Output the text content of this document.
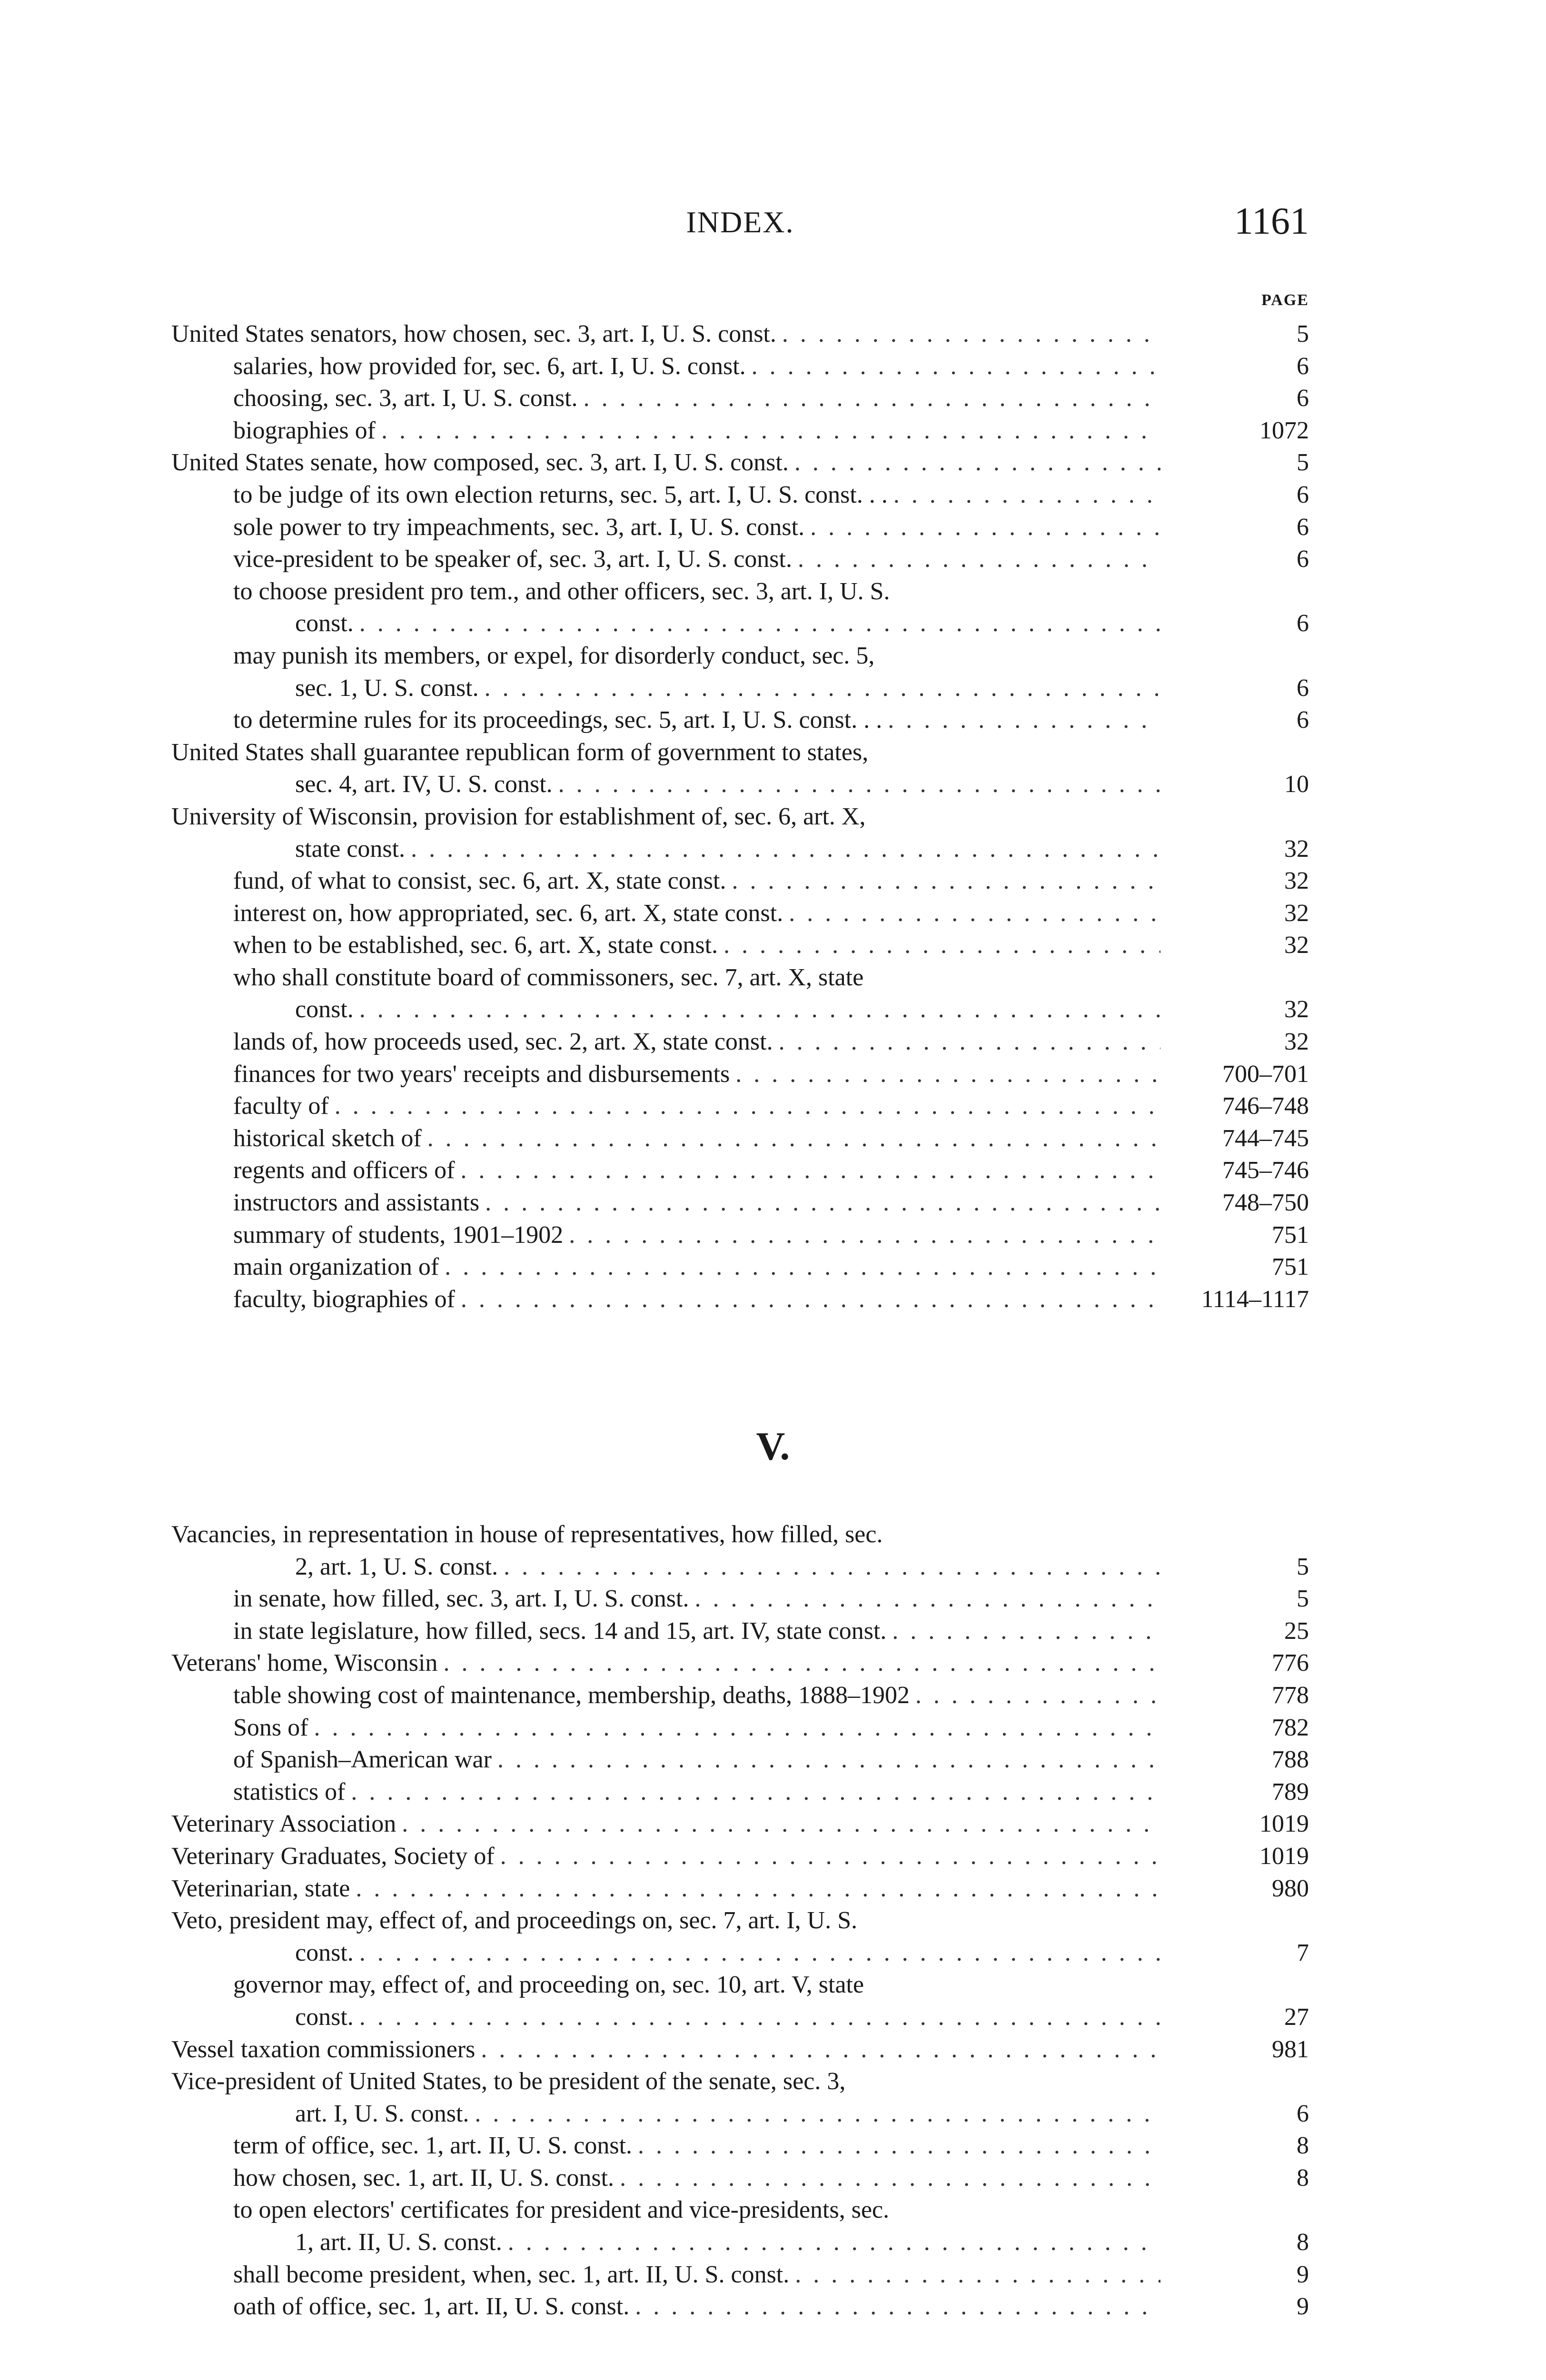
INDEX.	1161
PAGE
United States senators, how chosen, sec. 3, art. I, U. S. const. . . .	5
salaries, how provided for, sec. 6, art. I, U. S. const. . . .	6
choosing, sec. 3, art. I, U. S. const. . . .	6
biographies of . . .	1072
United States senate, how composed, sec. 3, art. I, U. S. const. . . .	5
to be judge of its own election returns, sec. 5, art. I, U. S. const. . . . . .	6
sole power to try impeachments, sec. 3, art. I, U. S. const. . . .	6
vice-president to be speaker of, sec. 3, art. I, U. S. const. . . .	6
to choose president pro tem., and other officers, sec. 3, art. I, U. S.
const. . . .	6
may punish its members, or expel, for disorderly conduct, sec. 5,
sec. 1, U. S. const. . . .	6
to determine rules for its proceedings, sec. 5, art. I, U. S. const. . . . . .	6
United States shall guarantee republican form of government to states,
sec. 4, art. IV, U. S. const. . . .	10
University of Wisconsin, provision for establishment of, sec. 6, art. X,
state const. . . .	32
fund, of what to consist, sec. 6, art. X, state const. . . .	32
interest on, how appropriated, sec. 6, art. X, state const. . . .	32
when to be established, sec. 6, art. X, state const. . . .	32
who shall constitute board of commissoners, sec. 7, art. X, state
const. . . .	32
lands of, how proceeds used, sec. 2, art. X, state const. . . .	32
finances for two years' receipts and disbursements . . .	700–701
faculty of . . .	746–748
historical sketch of . . .	744–745
regents and officers of . . .	745–746
instructors and assistants . . .	748–750
summary of students, 1901–1902 . . .	751
main organization of . . .	751
faculty, biographies of . . .	1114–1117
V.
Vacancies, in representation in house of representatives, how filled, sec.
2, art. 1, U. S. const. . . .	5
in senate, how filled, sec. 3, art. I, U. S. const. . . .	5
in state legislature, how filled, secs. 14 and 15, art. IV, state const. . . .	25
Veterans' home, Wisconsin . . .	776
table showing cost of maintenance, membership, deaths, 1888–1902 . . .	778
Sons of . . .	782
of Spanish–American war . . .	788
statistics of . . .	789
Veterinary Association . . .	1019
Veterinary Graduates, Society of . . .	1019
Veterinarian, state . . .	980
Veto, president may, effect of, and proceedings on, sec. 7, art. I, U. S.
const. . . .	7
governor may, effect of, and proceeding on, sec. 10, art. V, state
const. . . .	27
Vessel taxation commissioners . . .	981
Vice-president of United States, to be president of the senate, sec. 3,
art. I, U. S. const. . . .	6
term of office, sec. 1, art. II, U. S. const. . . .	8
how chosen, sec. 1, art. II, U. S. const. . . .	8
to open electors' certificates for president and vice-presidents, sec.
1, art. II, U. S. const. . . .	8
shall become president, when, sec. 1, art. II, U. S. const. . . .	9
oath of office, sec. 1, art. II, U. S. const. . . .	9
